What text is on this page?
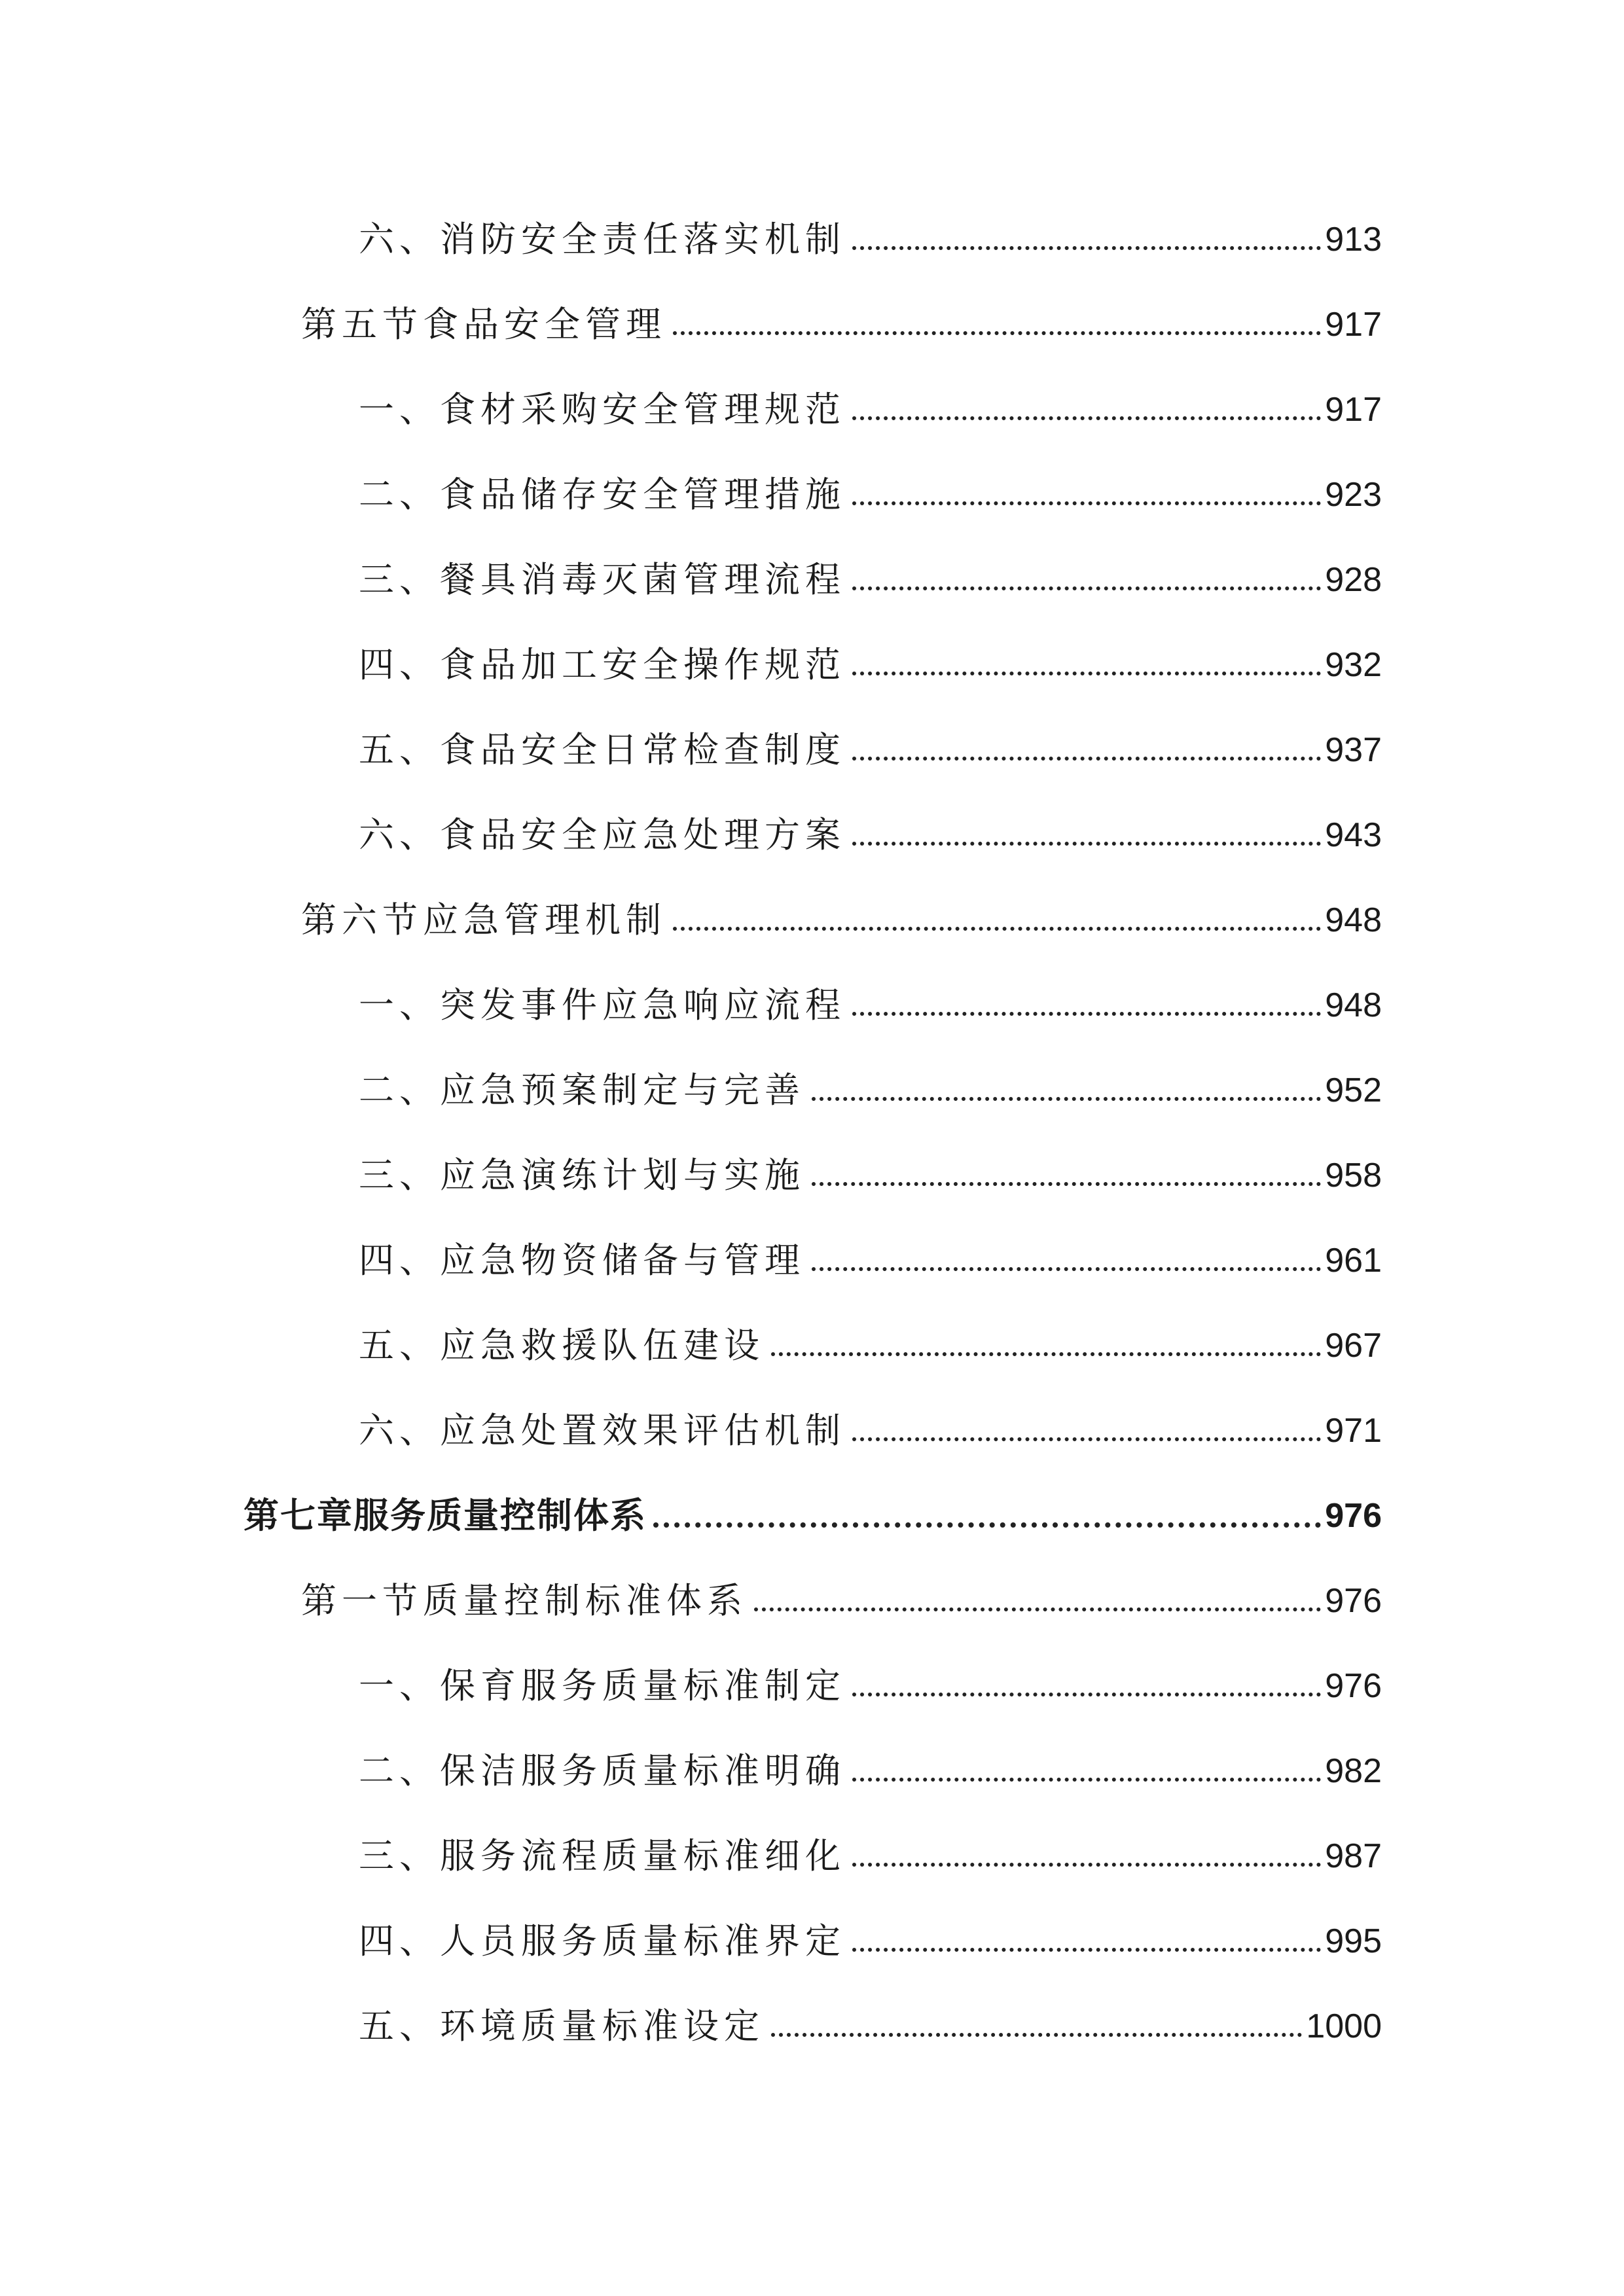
六、消防安全责任落实机制	913
第五节食品安全管理	917
一、食材采购安全管理规范	917
二、食品储存安全管理措施	923
三、餐具消毒灭菌管理流程	928
四、食品加工安全操作规范	932
五、食品安全日常检查制度	937
六、食品安全应急处理方案	943
第六节应急管理机制	948
一、突发事件应急响应流程	948
二、应急预案制定与完善	952
三、应急演练计划与实施	958
四、应急物资储备与管理	961
五、应急救援队伍建设	967
六、应急处置效果评估机制	971
第七章服务质量控制体系	976
第一节质量控制标准体系	976
一、保育服务质量标准制定	976
二、保洁服务质量标准明确	982
三、服务流程质量标准细化	987
四、人员服务质量标准界定	995
五、环境质量标准设定	1000
